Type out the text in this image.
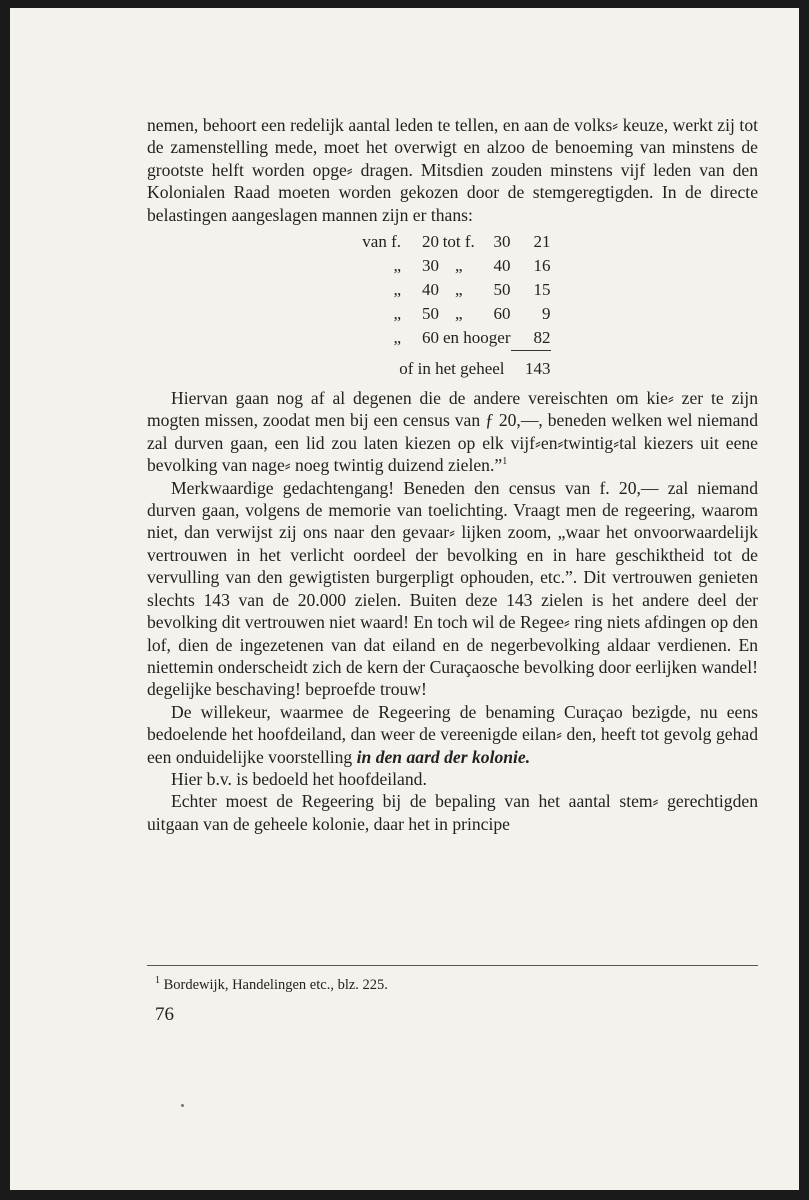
nemen, behoort een redelijk aantal leden te tellen, en aan de volks⸗ keuze, werkt zij tot de zamenstelling mede, moet het overwigt en alzoo de benoeming van minstens de grootste helft worden opge⸗ dragen. Mitsdien zouden minstens vijf leden van den Kolonialen Raad moeten worden gekozen door de stemgeregtigden. In de directe belastingen aangeslagen mannen zijn er thans:

van f.	20	tot f.	30	21
„	30	„	40	16
„	40	„	50	15
„	50	„	60	9
„	60	en hooger		82
of in het geheel				143

Hiervan gaan nog af al degenen die de andere vereischten om kie⸗ zer te zijn mogten missen, zoodat men bij een census van ƒ 20,—, beneden welken wel niemand zal durven gaan, een lid zou laten kiezen op elk vijf⸗en⸗twintig⸗tal kiezers uit eene bevolking van nage⸗ noeg twintig duizend zielen.”$^1$

Merkwaardige gedachtengang! Beneden den census van f. 20,— zal niemand durven gaan, volgens de memorie van toelichting. Vraagt men de regeering, waarom niet, dan verwijst zij ons naar den gevaar⸗ lijken zoom, „waar het onvoorwaardelijk vertrouwen in het verlicht oordeel der bevolking en in hare geschiktheid tot de vervulling van den gewigtisten burgerpligt ophouden, etc.”. Dit vertrouwen genieten slechts 143 van de 20.000 zielen. Buiten deze 143 zielen is het andere deel der bevolking dit vertrouwen niet waard! En toch wil de Regee⸗ ring niets afdingen op den lof, dien de ingezetenen van dat eiland en de negerbevolking aldaar verdienen. En niettemin onderscheidt zich de kern der Curaçaosche bevolking door eerlijken wandel! degelijke beschaving! beproefde trouw!

De willekeur, waarmee de Regeering de benaming Curaçao bezigde, nu eens bedoelende het hoofdeiland, dan weer de vereenigde eilan⸗ den, heeft tot gevolg gehad een onduidelijke voorstelling in den aard der kolonie.

Hier b.v. is bedoeld het hoofdeiland.

Echter moest de Regeering bij de bepaling van het aantal stem⸗ gerechtigden uitgaan van de geheele kolonie, daar het in principe

$^1$ Bordewijk, Handelingen etc., blz. 225.
76
